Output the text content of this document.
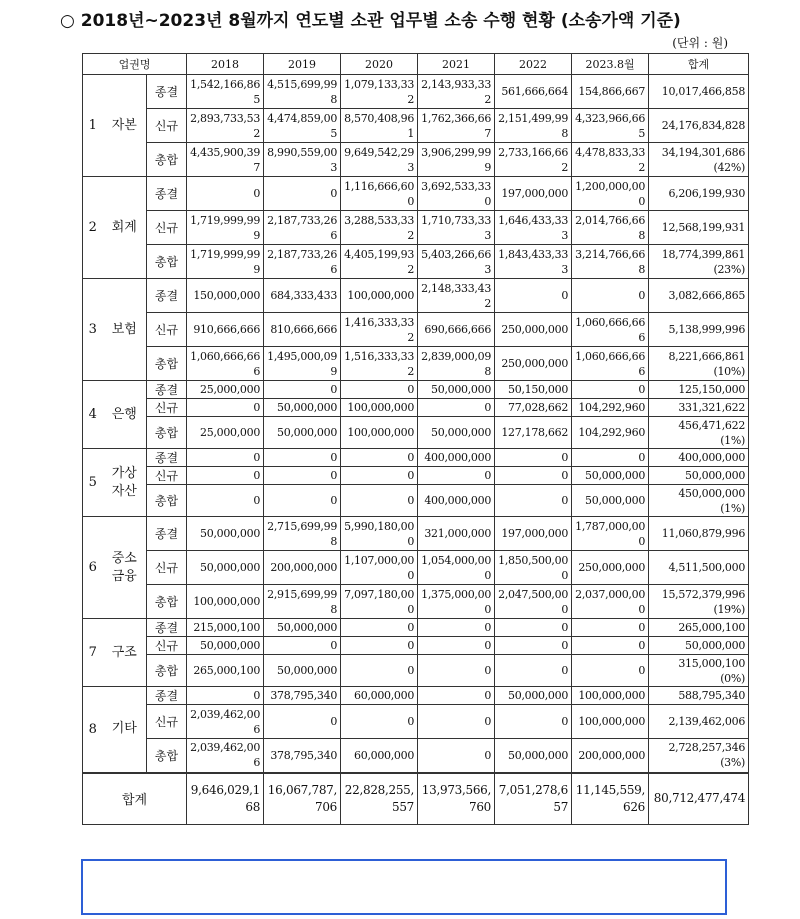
○ 2018년~2023년 8월까지 연도별 소관 업무별 소송 수행 현황 (소송가액 기준)
(단위 : 원)
업권명			2018	2019	2020	2021	2022	2023.8월	합계
1	자본	종결	1,542,166,865	4,515,699,998	1,079,133,332	2,143,933,332	561,666,664	154,866,667	10,017,466,858

		신규	2,893,733,532	4,474,859,005	8,570,408,961	1,762,366,667	2,151,499,998	4,323,966,665	24,176,834,828

		총합	4,435,900,397	8,990,559,003	9,649,542,293	3,906,299,999	2,733,166,662	4,478,833,332	34,194,301,686
(42%)

2	회계	종결	0	0	1,116,666,600	3,692,533,330	197,000,000	1,200,000,000	6,206,199,930

		신규	1,719,999,999	2,187,733,266	3,288,533,332	1,710,733,333	1,646,433,333	2,014,766,668	12,568,199,931

		총합	1,719,999,999	2,187,733,266	4,405,199,932	5,403,266,663	1,843,433,333	3,214,766,668	18,774,399,861
(23%)

3	보험	종결	150,000,000	684,333,433	100,000,000	2,148,333,432	0	0	3,082,666,865

		신규	910,666,666	810,666,666	1,416,333,332	690,666,666	250,000,000	1,060,666,666	5,138,999,996

		총합	1,060,666,666	1,495,000,099	1,516,333,332	2,839,000,098	250,000,000	1,060,666,666	8,221,666,861
(10%)

4	은행	종결	25,000,000	0	0	50,000,000	50,150,000	0	125,150,000

		신규	0	50,000,000	100,000,000	0	77,028,662	104,292,960	331,321,622

		총합	25,000,000	50,000,000	100,000,000	50,000,000	127,178,662	104,292,960	456,471,622
(1%)

5	가상자산	종결	0	0	0	400,000,000	0	0	400,000,000

		신규	0	0	0	0	0	50,000,000	50,000,000

		총합	0	0	0	400,000,000	0	50,000,000	450,000,000
(1%)

6	중소금융	종결	50,000,000	2,715,699,998	5,990,180,000	321,000,000	197,000,000	1,787,000,000	11,060,879,996

		신규	50,000,000	200,000,000	1,107,000,000	1,054,000,000	1,850,500,000	250,000,000	4,511,500,000

		총합	100,000,000	2,915,699,998	7,097,180,000	1,375,000,000	2,047,500,000	2,037,000,000	15,572,379,996
(19%)

7	구조	종결	215,000,100	50,000,000	0	0	0	0	265,000,100

		신규	50,000,000	0	0	0	0	0	50,000,000

		총합	265,000,100	50,000,000	0	0	0	0	315,000,100
(0%)

8	기타	종결	0	378,795,340	60,000,000	0	50,000,000	100,000,000	588,795,340

		신규	2,039,462,006	0	0	0	0	100,000,000	2,139,462,006

		총합	2,039,462,006	378,795,340	60,000,000	0	50,000,000	200,000,000	2,728,257,346
(3%)

합계			9,646,029,168	16,067,787,706	22,828,255,557	13,973,566,760	7,051,278,657	11,145,559,626	80,712,477,474
